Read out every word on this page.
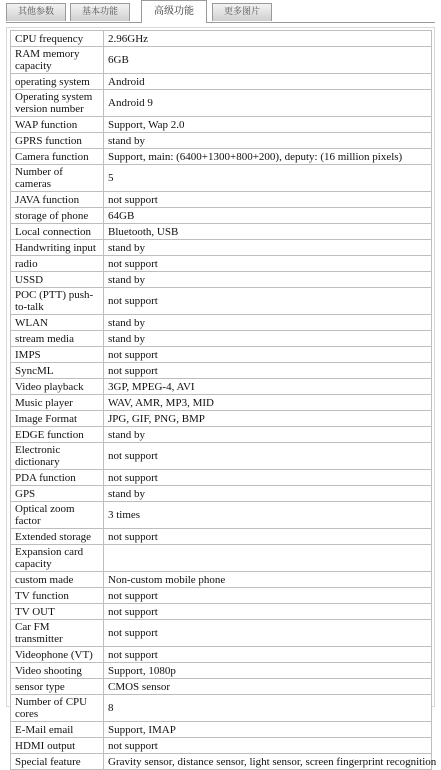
其他参数	基本功能	高级功能	更多图片
CPU frequency	2.96GHz
RAM memory capacity	6GB
operating system	Android
Operating system version number	Android 9
WAP function	Support, Wap 2.0
GPRS function	stand by
Camera function	Support, main: (6400+1300+800+200), deputy: (16 million pixels)
Number of cameras	5
JAVA function	not support
storage of phone	64GB
Local connection	Bluetooth, USB
Handwriting input	stand by
radio	not support
USSD	stand by
POC (PTT) push-to-talk	not support
WLAN	stand by
stream media	stand by
IMPS	not support
SyncML	not support
Video playback	3GP, MPEG-4, AVI
Music player	WAV, AMR, MP3, MID
Image Format	JPG, GIF, PNG, BMP
EDGE function	stand by
Electronic dictionary	not support
PDA function	not support
GPS	stand by
Optical zoom factor	3 times
Extended storage	not support
Expansion card capacity	
custom made	Non-custom mobile phone
TV function	not support
TV OUT	not support
Car FM transmitter	not support
Videophone (VT)	not support
Video shooting	Support, 1080p
sensor type	CMOS sensor
Number of CPU cores	8
E-Mail email	Support, IMAP
HDMI output	not support
Special feature	Gravity sensor, distance sensor, light sensor, screen fingerprint recognition
